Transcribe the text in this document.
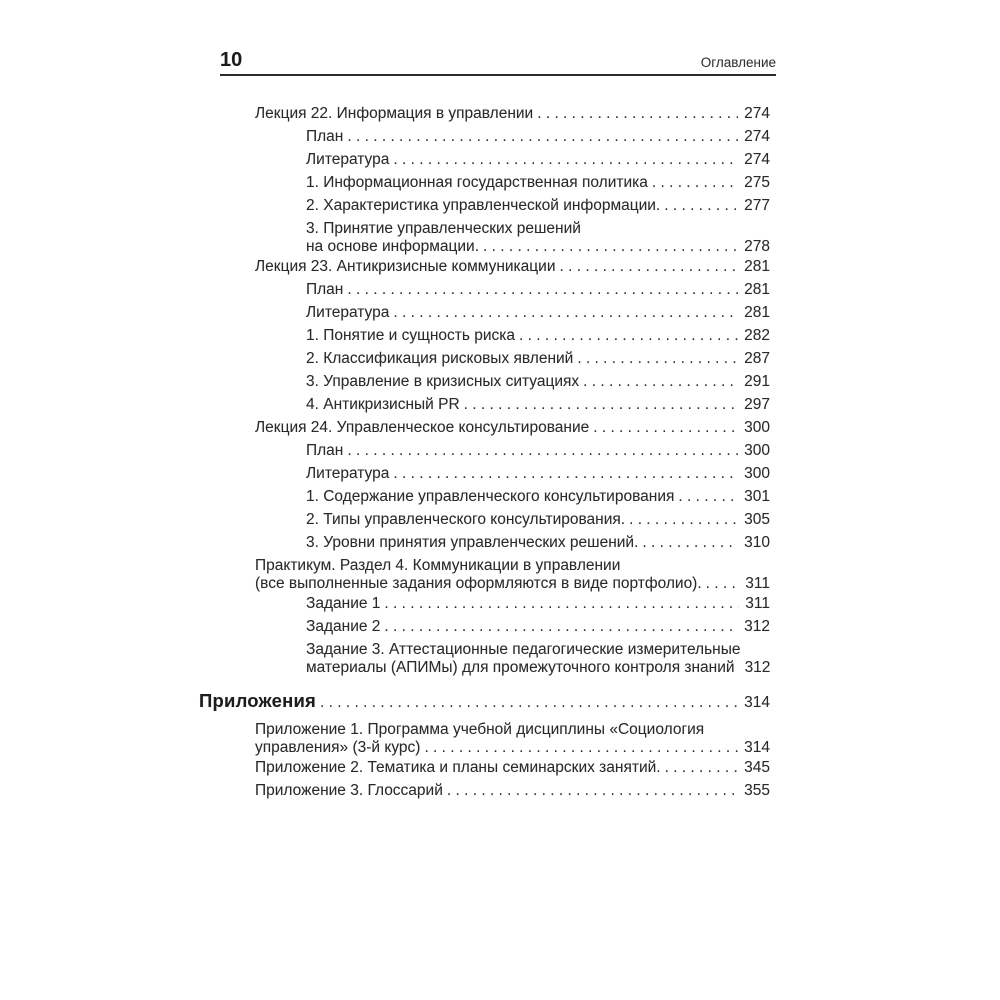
10	Оглавление
Лекция 22. Информация в управлении . . .	274
План . . .	274
Литература . . .	274
1. Информационная государственная политика . . .	275
2. Характеристика управленческой информации. . . .	277
3. Принятие управленческих решений
на основе информации. . . .	278
Лекция 23. Антикризисные коммуникации . . .	281
План . . .	281
Литература . . .	281
1. Понятие и сущность риска . . .	282
2. Классификация рисковых явлений . . .	287
3. Управление в кризисных ситуациях . . .	291
4. Антикризисный PR . . .	297
Лекция 24. Управленческое консультирование . . .	300
План . . .	300
Литература . . .	300
1. Содержание управленческого консультирования . . .	301
2. Типы управленческого консультирования. . . .	305
3. Уровни принятия управленческих решений. . . .	310
Практикум. Раздел 4. Коммуникации в управлении
(все выполненные задания оформляются в виде портфолио). . . .	311
Задание 1 . . .	311
Задание 2 . . .	312
Задание 3. Аттестационные педагогические измерительные
материалы (АПИМы) для промежуточного контроля знаний 312
Приложения . . .	314
Приложение 1. Программа учебной дисциплины «Социология
управления» (3-й курс) . . .	314
Приложение 2. Тематика и планы семинарских занятий. . . .	345
Приложение 3. Глоссарий . . .	355
